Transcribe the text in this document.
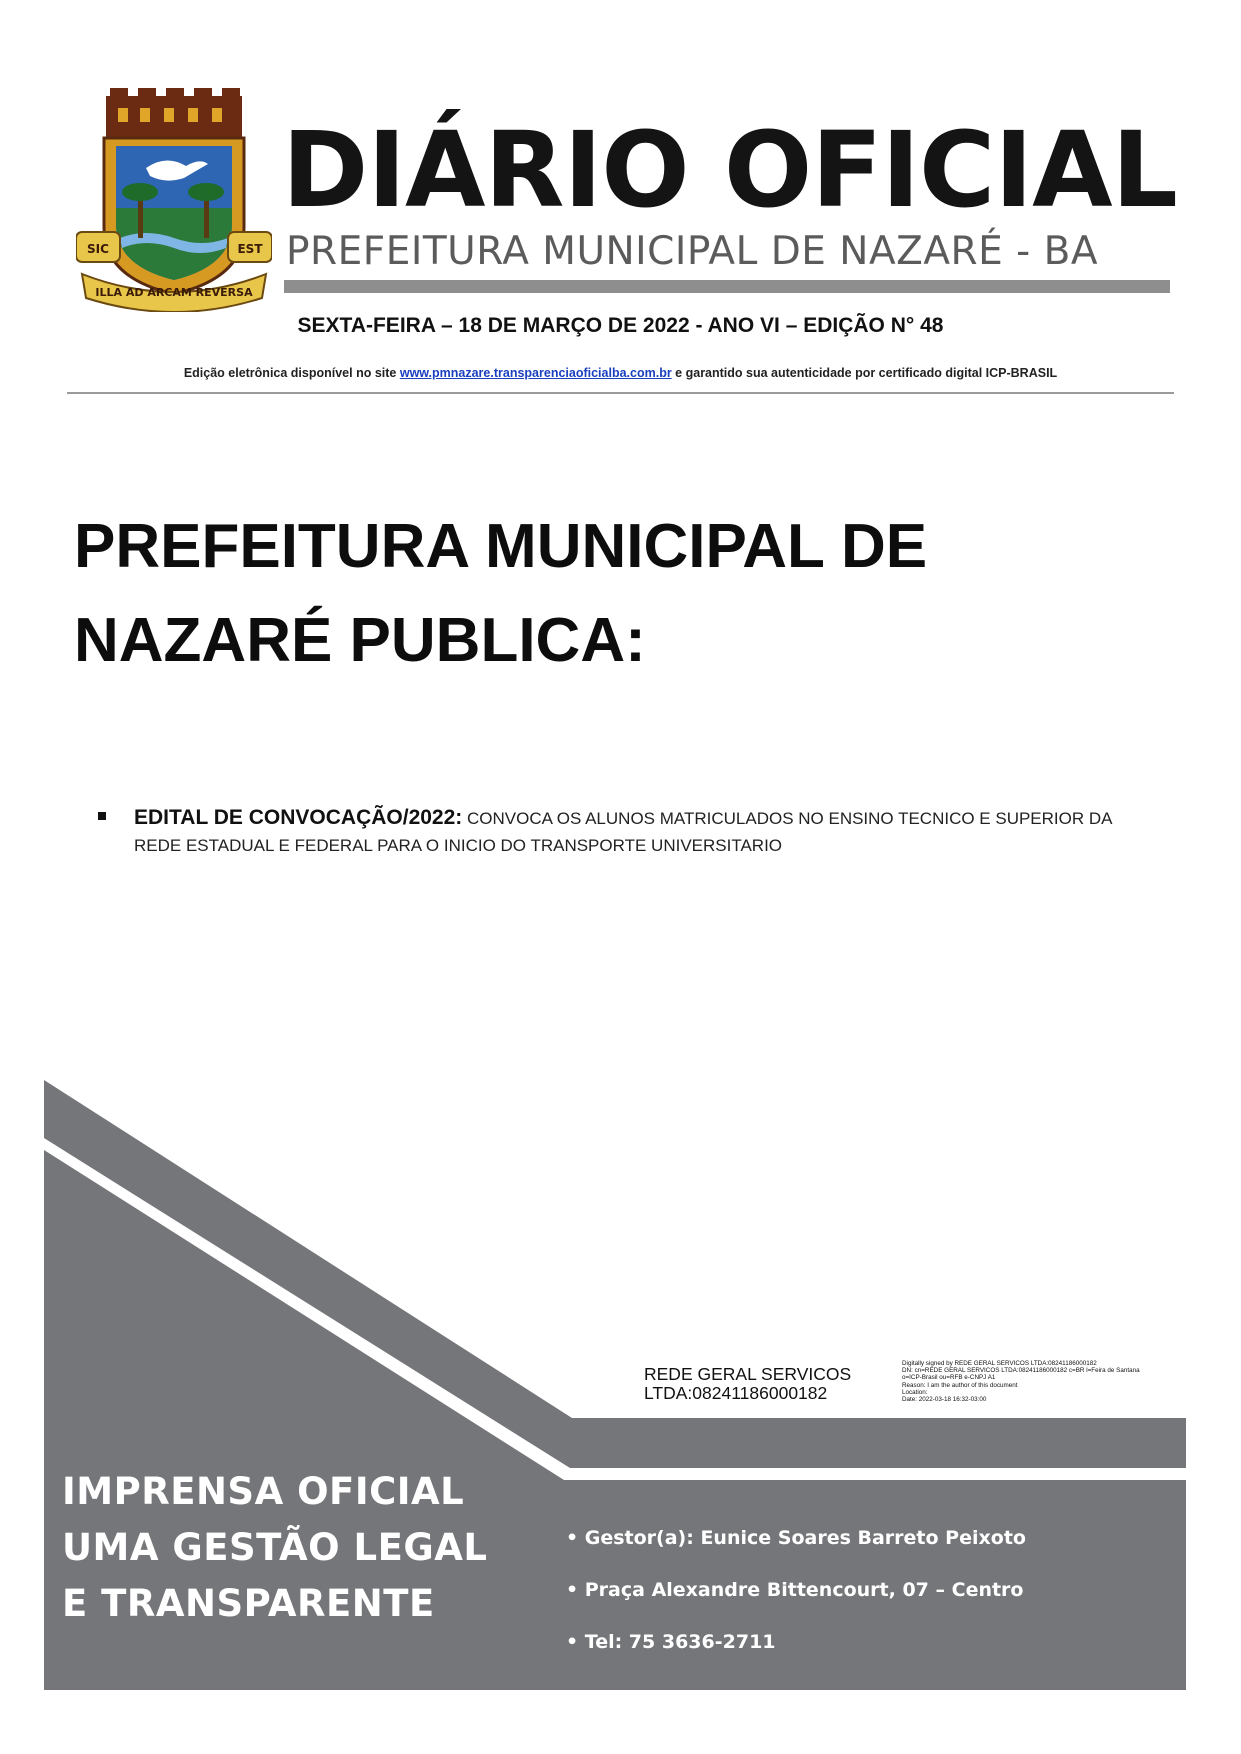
SIC	EST
ILLA AD ARCAM REVERSA
DIÁRIO OFICIAL
PREFEITURA MUNICIPAL DE NAZARÉ - BA
SEXTA-FEIRA – 18 DE MARÇO DE 2022 - ANO VI – EDIÇÃO N° 48
Edição eletrônica disponível no site www.pmnazare.transparenciaoficialba.com.br e garantido sua autenticidade por certificado digital ICP-BRASIL
PREFEITURA MUNICIPAL DE
NAZARÉ PUBLICA:
EDITAL DE CONVOCAÇÃO/2022: CONVOCA OS ALUNOS MATRICULADOS NO ENSINO TECNICO E SUPERIOR DA REDE ESTADUAL E FEDERAL PARA O INICIO DO TRANSPORTE UNIVERSITARIO
REDE GERAL SERVICOS
LTDA:08241186000182
Digitally signed by REDE GERAL SERVICOS LTDA:08241186000182
DN: cn=REDE GERAL SERVICOS LTDA:08241186000182 c=BR l=Feira de Santana
o=ICP-Brasil ou=RFB e-CNPJ A1
Reason: I am the author of this document
Location:
Date: 2022-03-18 16:32-03:00
IMPRENSA OFICIAL
UMA GESTÃO LEGAL
E TRANSPARENTE
• Gestor(a): Eunice Soares Barreto Peixoto
• Praça Alexandre Bittencourt, 07 – Centro
• Tel: 75 3636-2711
